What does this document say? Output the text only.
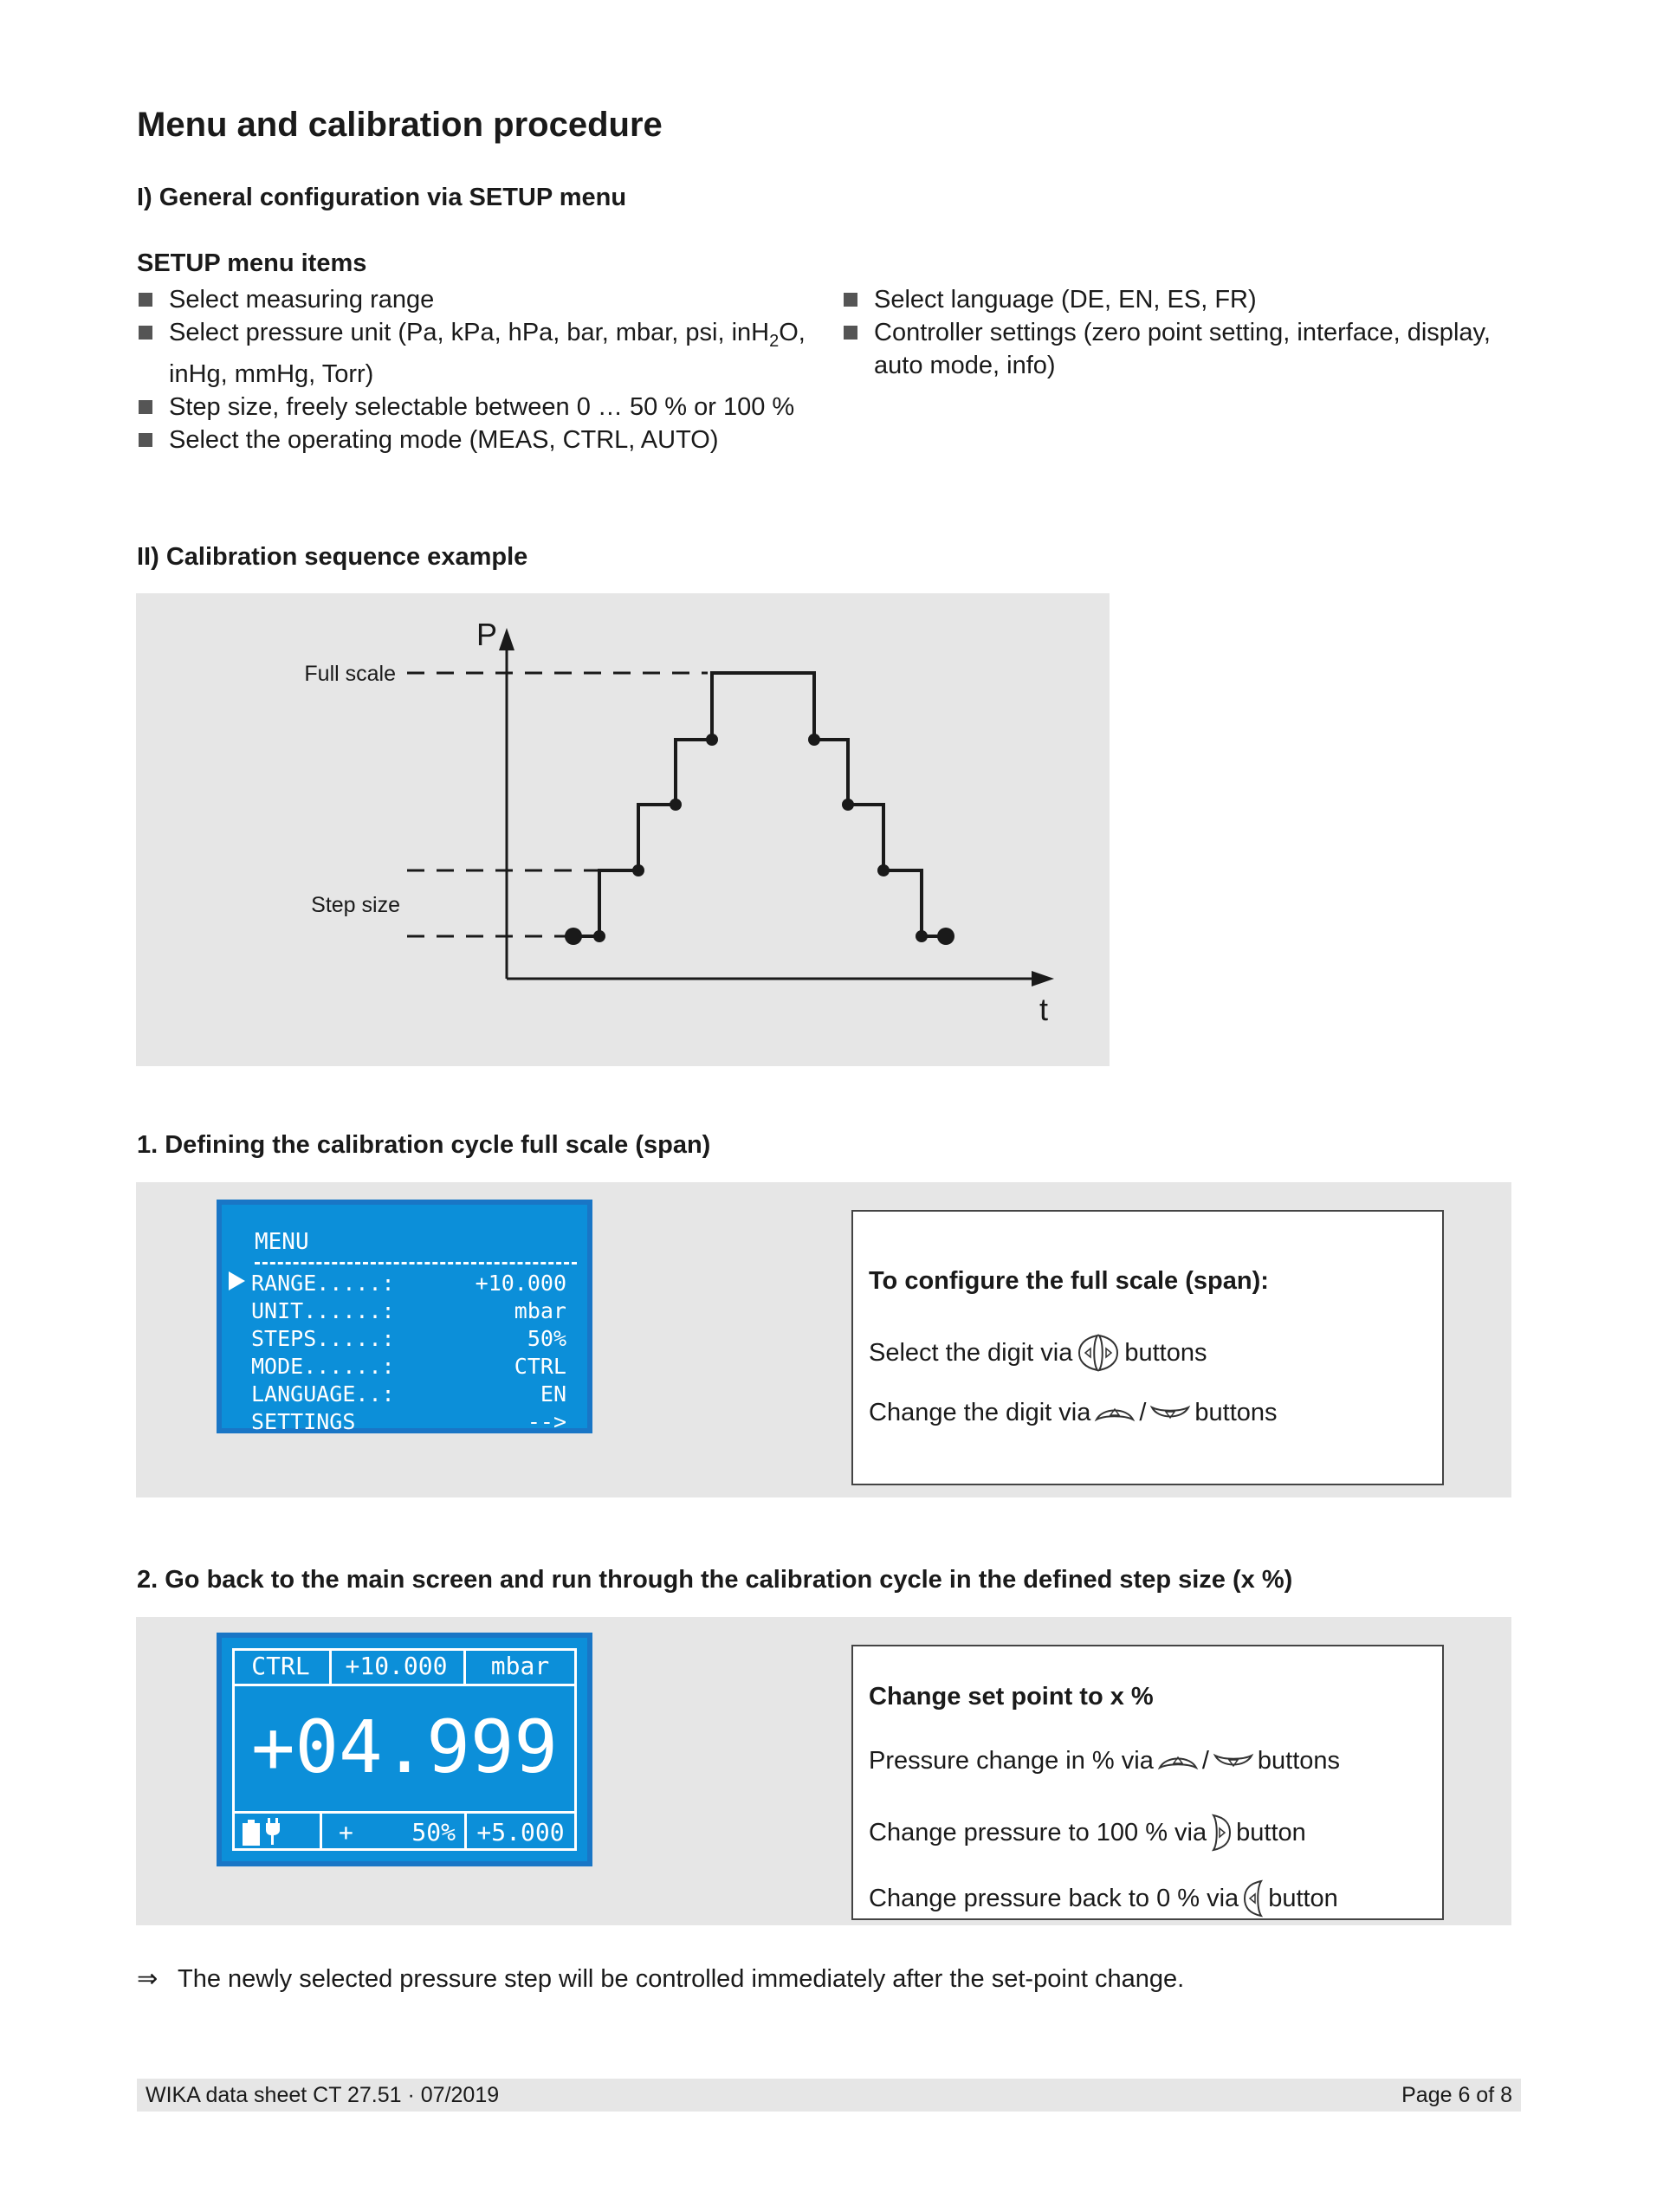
Menu and calibration procedure
I) General configuration via SETUP menu
SETUP menu items
Select measuring range
Select pressure unit (Pa, kPa, hPa, bar, mbar, psi, inH$_2$O, inHg, mmHg, Torr)
Step size, freely selectable between 0 … 50 % or 100 %
Select the operating mode (MEAS, CTRL, AUTO)
Select language (DE, EN, ES, FR)
Controller settings (zero point setting, interface, display, auto mode, info)
II) Calibration sequence example
P
t
Full scale
Step size
1. Defining the calibration cycle full scale (span)
MENU
RANGE.....:	+10.000
UNIT......:	mbar
STEPS.....:	50%
MODE......:	CTRL
LANGUAGE..:	EN
SETTINGS	-->
To configure the full scale (span):
Select the digit via buttons
Change the digit via / buttons
2. Go back to the main screen and run through the calibration cycle in the defined step size (x %)
CTRL	+10.000	mbar
+04.999
+ 50% +5.000
Change set point to x %
Pressure change in % via / buttons
Change pressure to 100 % via button
Change pressure back to 0 % via button
⇒ The newly selected pressure step will be controlled immediately after the set-point change.
WIKA data sheet CT 27.51 · 07/2019	Page 6 of 8
